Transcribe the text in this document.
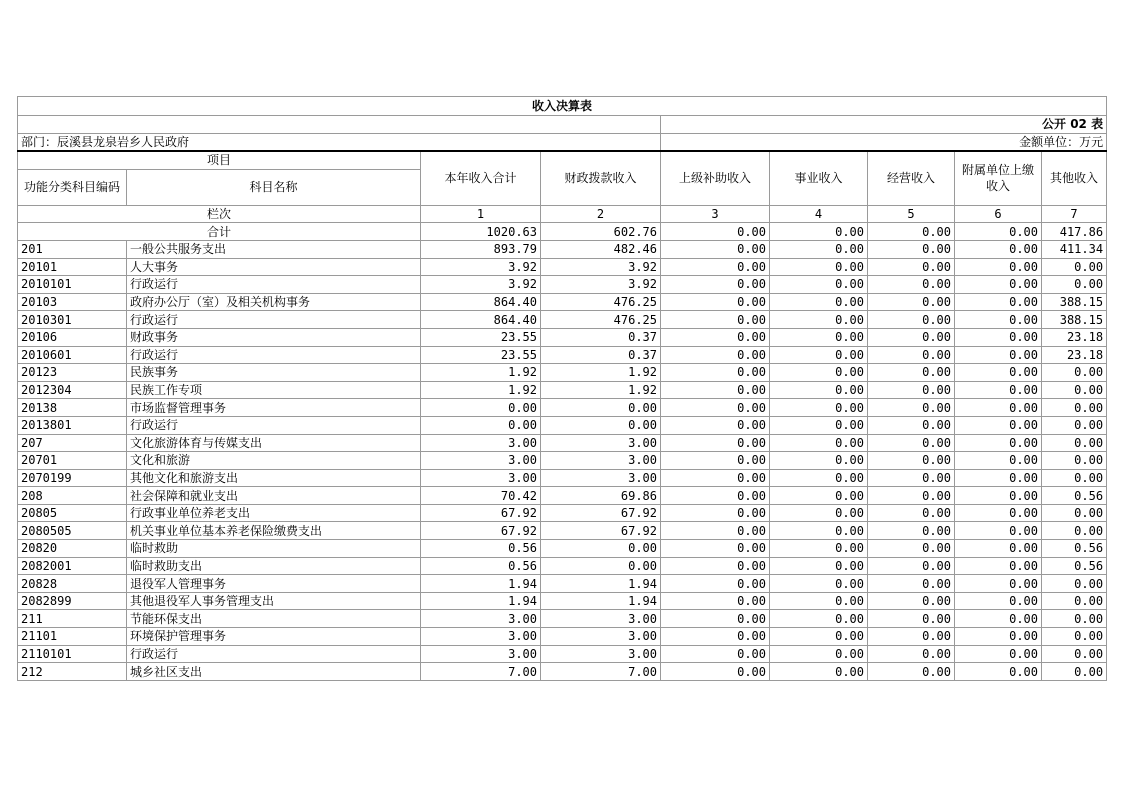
收入决算表								
				公开 02 表				
部门：辰溪县龙泉岩乡人民政府				金额单位：万元				
项目		本年收入合计	财政拨款收入	上级补助收入	事业收入	经营收入	附属单位上缴收入	其他收入
功能分类科目编码	科目名称							
栏次		1	2	3	4	5	6	7
合计		1020.63	602.76	0.00	0.00	0.00	0.00	417.86
201	一般公共服务支出	893.79	482.46	0.00	0.00	0.00	0.00	411.34
20101	人大事务	3.92	3.92	0.00	0.00	0.00	0.00	0.00
2010101	行政运行	3.92	3.92	0.00	0.00	0.00	0.00	0.00
20103	政府办公厅（室）及相关机构事务	864.40	476.25	0.00	0.00	0.00	0.00	388.15
2010301	行政运行	864.40	476.25	0.00	0.00	0.00	0.00	388.15
20106	财政事务	23.55	0.37	0.00	0.00	0.00	0.00	23.18
2010601	行政运行	23.55	0.37	0.00	0.00	0.00	0.00	23.18
20123	民族事务	1.92	1.92	0.00	0.00	0.00	0.00	0.00
2012304	民族工作专项	1.92	1.92	0.00	0.00	0.00	0.00	0.00
20138	市场监督管理事务	0.00	0.00	0.00	0.00	0.00	0.00	0.00
2013801	行政运行	0.00	0.00	0.00	0.00	0.00	0.00	0.00
207	文化旅游体育与传媒支出	3.00	3.00	0.00	0.00	0.00	0.00	0.00
20701	文化和旅游	3.00	3.00	0.00	0.00	0.00	0.00	0.00
2070199	其他文化和旅游支出	3.00	3.00	0.00	0.00	0.00	0.00	0.00
208	社会保障和就业支出	70.42	69.86	0.00	0.00	0.00	0.00	0.56
20805	行政事业单位养老支出	67.92	67.92	0.00	0.00	0.00	0.00	0.00
2080505	机关事业单位基本养老保险缴费支出	67.92	67.92	0.00	0.00	0.00	0.00	0.00
20820	临时救助	0.56	0.00	0.00	0.00	0.00	0.00	0.56
2082001	临时救助支出	0.56	0.00	0.00	0.00	0.00	0.00	0.56
20828	退役军人管理事务	1.94	1.94	0.00	0.00	0.00	0.00	0.00
2082899	其他退役军人事务管理支出	1.94	1.94	0.00	0.00	0.00	0.00	0.00
211	节能环保支出	3.00	3.00	0.00	0.00	0.00	0.00	0.00
21101	环境保护管理事务	3.00	3.00	0.00	0.00	0.00	0.00	0.00
2110101	行政运行	3.00	3.00	0.00	0.00	0.00	0.00	0.00
212	城乡社区支出	7.00	7.00	0.00	0.00	0.00	0.00	0.00
